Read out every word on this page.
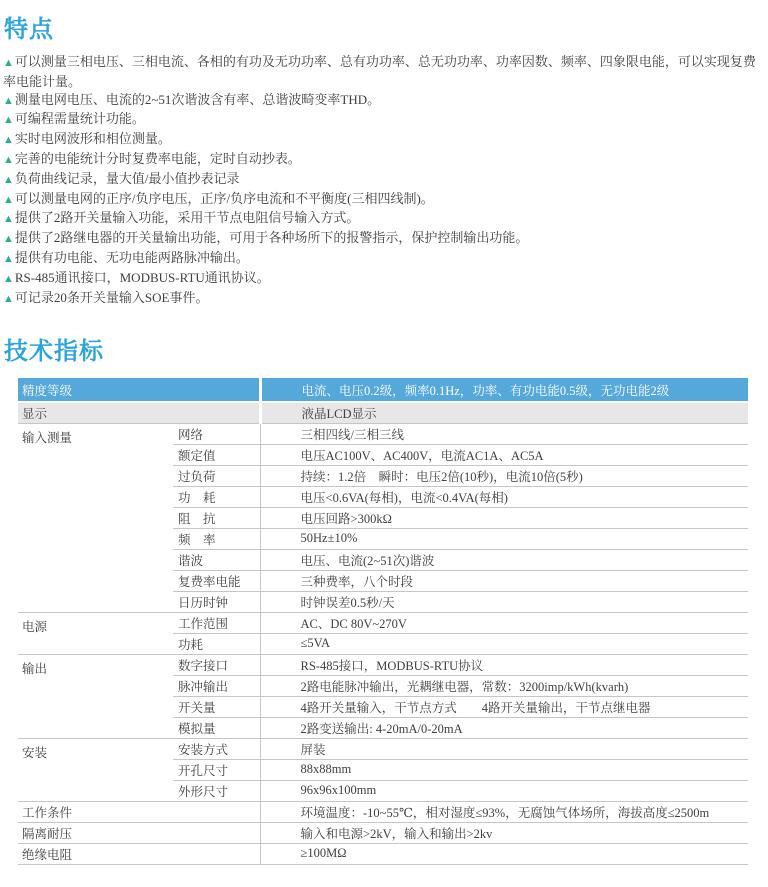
特点
▲可以测量三相电压、三相电流、各相的有功及无功功率、总有功功率、总无功功率、功率因数、频率、四象限电能，可以实现复费率电能计量。
▲测量电网电压、电流的2~51次谐波含有率、总谐波畸变率THD。
▲可编程需量统计功能。
▲实时电网波形和相位测量。
▲完善的电能统计分时复费率电能，定时自动抄表。
▲负荷曲线记录，量大值/最小值抄表记录
▲可以测量电网的正序/负序电压，正序/负序电流和不平衡度(三相四线制)。
▲提供了2路开关量输入功能，采用干节点电阻信号输入方式。
▲提供了2路继电器的开关量输出功能，可用于各种场所下的报警指示，保护控制输出功能。
▲提供有功电能、无功电能两路脉冲输出。
▲RS-485通讯接口，MODBUS-RTU通讯协议。
▲可记录20条开关量输入SOE事件。
技术指标
精度等级		电流、电压0.2级，频率0.1Hz，功率、有功电能0.5级，无功电能2级
显示		液晶LCD显示
输入测量	网络	三相四线/三相三线
	额定值	电压AC100V、AC400V，电流AC1A、AC5A
	过负荷	持续：1.2倍　瞬时：电压2倍(10秒)，电流10倍(5秒)
	功　耗	电压<0.6VA(每相)，电流<0.4VA(每相)
	阻　抗	电压回路>300kΩ
	频　率	50Hz±10%
	谐波	电压、电流(2~51次)谐波
	复费率电能	三种费率，八个时段
	日历时钟	时钟误差0.5秒/天
电源	工作范围	AC、DC 80V~270V
	功耗	≤5VA
输出	数字接口	RS-485接口，MODBUS-RTU协议
	脉冲输出	2路电能脉冲输出，光耦继电器，常数：3200imp/kWh(kvarh)
	开关量	4路开关量输入，干节点方式　　4路开关量输出，干节点继电器
	模拟量	2路变送输出: 4-20mA/0-20mA
安装	安装方式	屏装
	开孔尺寸	88x88mm
	外形尺寸	96x96x100mm
工作条件		环境温度：-10~55℃，相对湿度≤93%，无腐蚀气体场所，海拔高度≤2500m
隔离耐压		输入和电源>2kV，输入和输出>2kv
绝缘电阻		≥100MΩ
